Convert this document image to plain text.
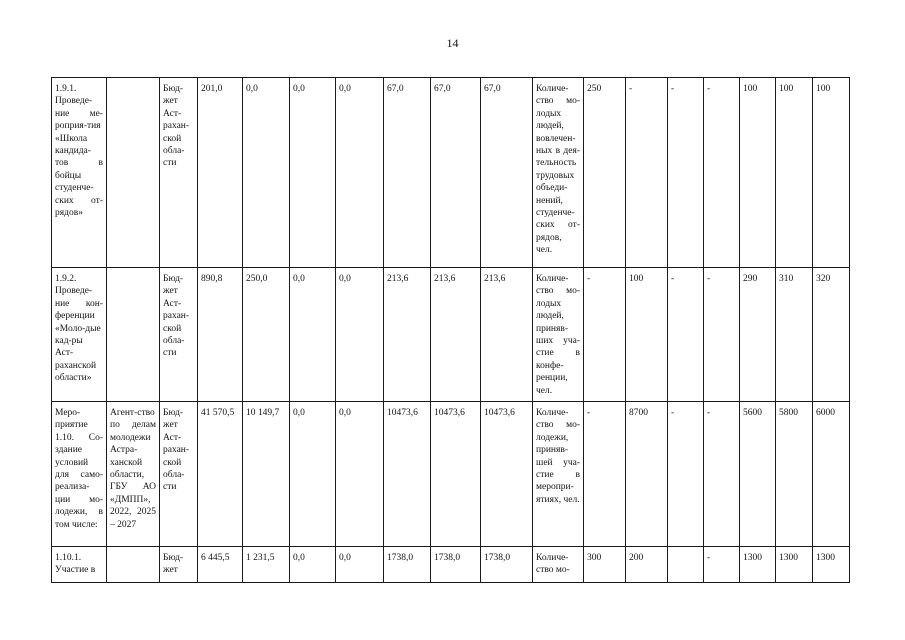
14
1.9.1. Проведе-ние ме-роприя-тия «Школа кандида-тов в бойцы студенче-ских от-рядов»		Бюд-жет Аст-рахан-ской обла-сти	201,0	0,0	0,0	0,0	67,0	67,0	67,0	Количе-ство мо-лодых людей, вовлечен-ных в дея-тельность трудовых объеди-нений, студенче-ских от-рядов, чел.	250	-	-	-	100	100	100
1.9.2. Проведе-ние кон-ференции «Моло-дые кад-ры Аст-раханской области»		Бюд-жет Аст-рахан-ской обла-сти	890,8	250,0	0,0	0,0	213,6	213,6	213,6	Количе-ство мо-лодых людей, приняв-ших уча-стие в конфе-ренции, чел.	-	100	-	-	290	310	320
Меро-приятие 1.10. Со-здание условий для само-реализа-ции мо-лодежи, в том числе:	Агент-ство по делам молодежи Астра-ханской области, ГБУ АО «ДМПП», 2022, 2025 – 2027	Бюд-жет Аст-рахан-ской обла-сти	41 570,5	10 149,7	0,0	0,0	10473,6	10473,6	10473,6	Количе-ство мо-лодежи, приняв-шей уча-стие в меропри-ятиях, чел.	-	8700	-	-	5600	5800	6000
1.10.1. Участие в		Бюд-жет	6 445,5	1 231,5	0,0	0,0	1738,0	1738,0	1738,0	Количе-ство мо-	300	200		-	1300	1300	1300
